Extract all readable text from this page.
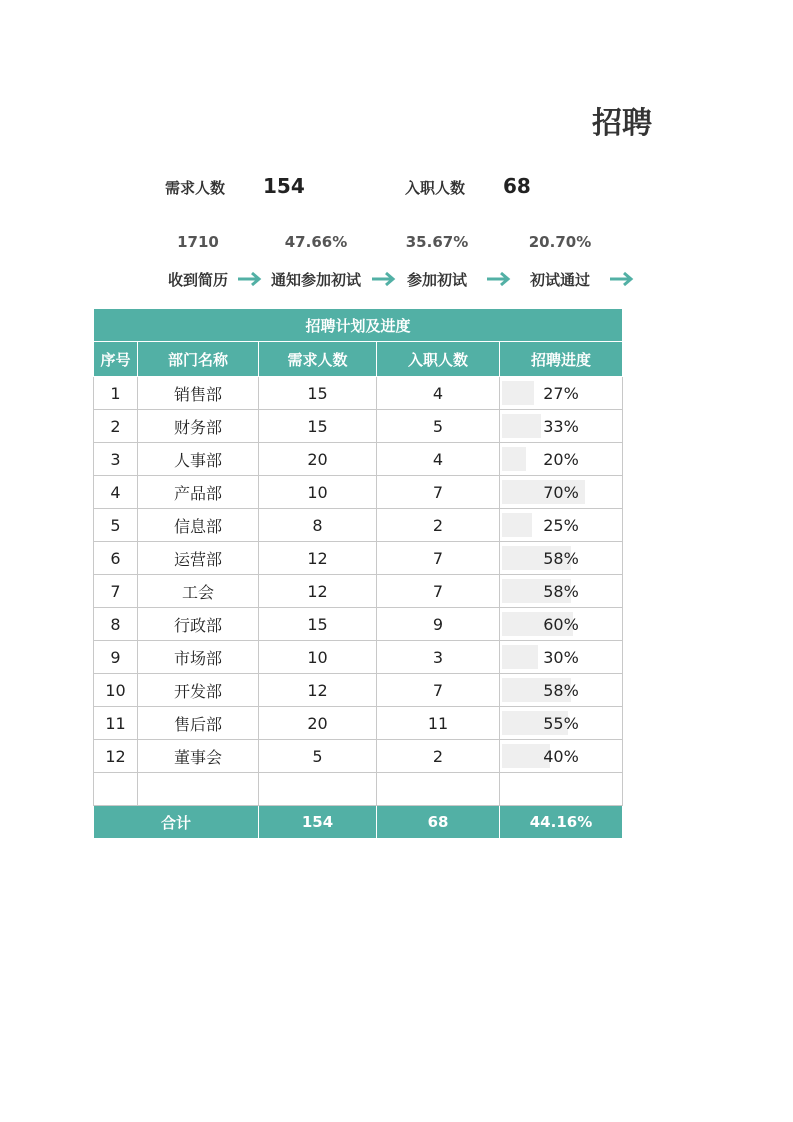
招聘
需求人数 154	入职人数 68
1710	47.66%	35.67%	20.70%
收到简历	通知参加初试	参加初试	初试通过
招聘计划及进度				
序号	部门名称	需求人数	入职人数	招聘进度
1	销售部	15	4	27%
2	财务部	15	5	33%
3	人事部	20	4	20%
4	产品部	10	7	70%
5	信息部	8	2	25%
6	运营部	12	7	58%
7	工会	12	7	58%
8	行政部	15	9	60%
9	市场部	10	3	30%
10	开发部	12	7	58%
11	售后部	20	11	55%
12	董事会	5	2	40%

合计		154	68	44.16%
